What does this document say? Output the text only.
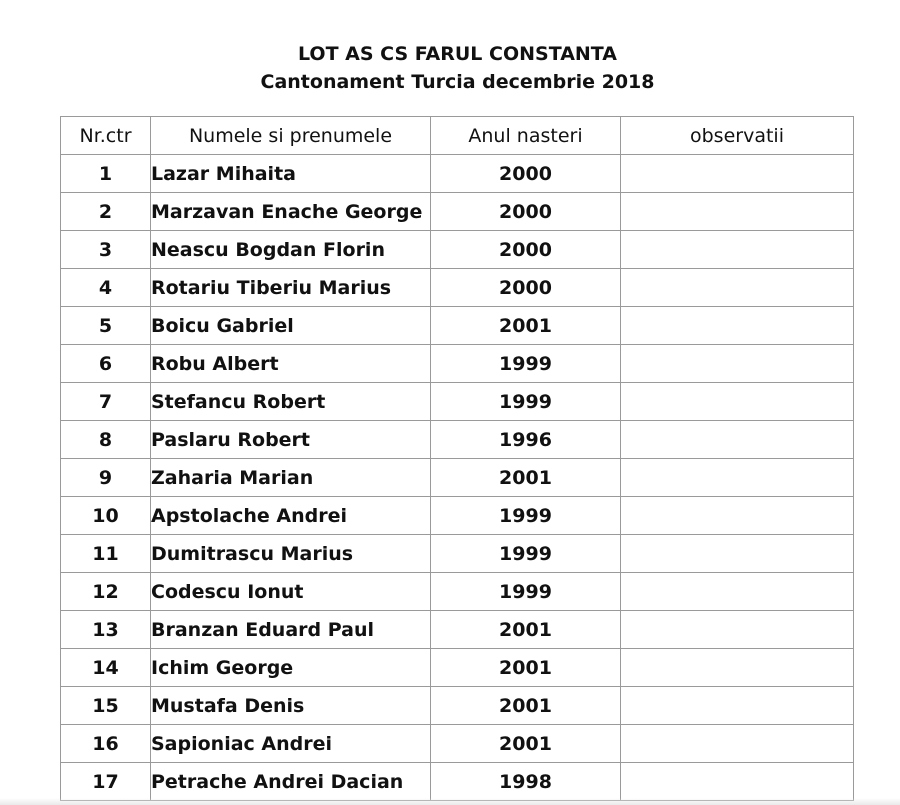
LOT AS CS FARUL CONSTANTA
Cantonament Turcia decembrie 2018
Nr.ctr	Numele si prenumele	Anul nasteri	observatii
1	Lazar Mihaita	2000	
2	Marzavan Enache George	2000	
3	Neascu Bogdan Florin	2000	
4	Rotariu Tiberiu Marius	2000	
5	Boicu Gabriel	2001	
6	Robu Albert	1999	
7	Stefancu Robert	1999	
8	Paslaru Robert	1996	
9	Zaharia Marian	2001	
10	Apstolache Andrei	1999	
11	Dumitrascu Marius	1999	
12	Codescu Ionut	1999	
13	Branzan Eduard Paul	2001	
14	Ichim George	2001	
15	Mustafa Denis	2001	
16	Sapioniac Andrei	2001	
17	Petrache Andrei Dacian	1998	
